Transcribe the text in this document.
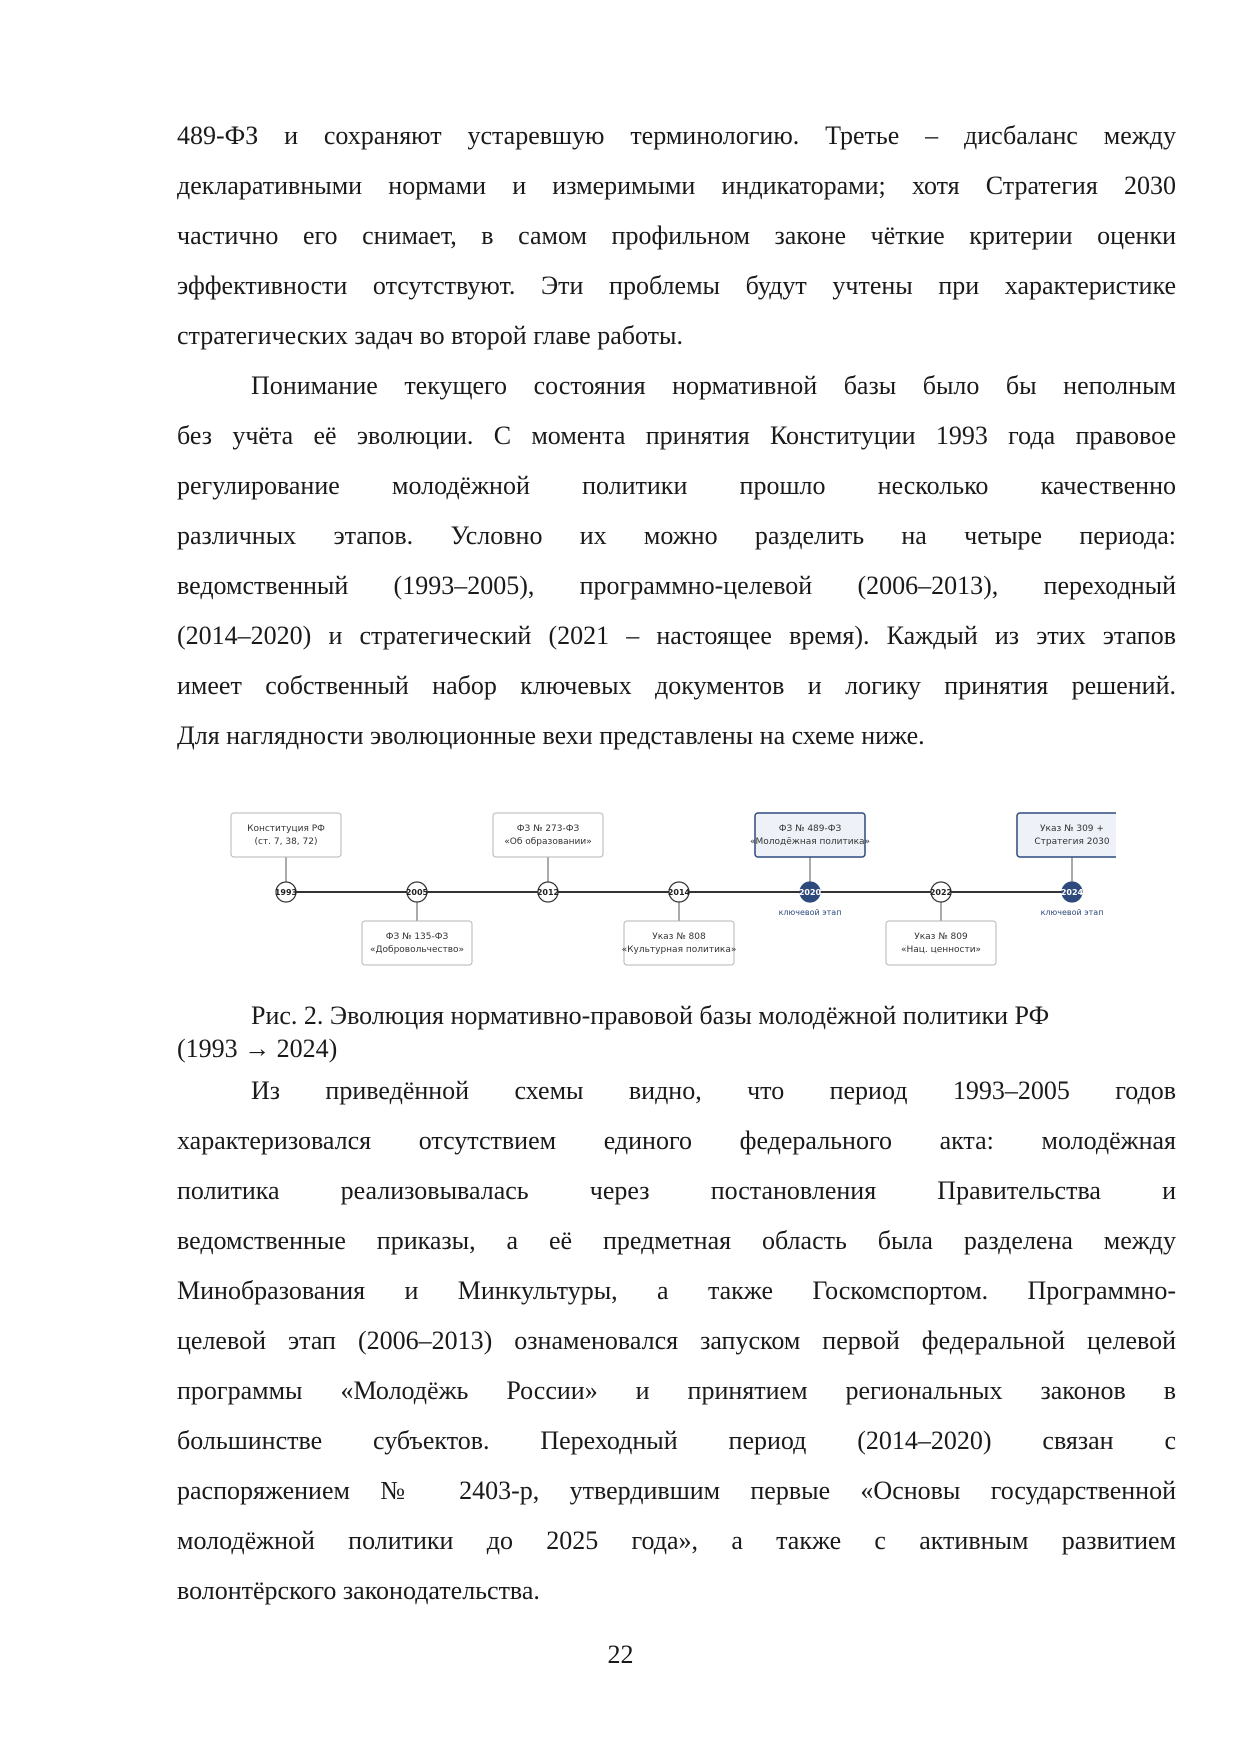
489-ФЗ и сохраняют устаревшую терминологию. Третье – дисбаланс между
декларативными нормами и измеримыми индикаторами; хотя Стратегия 2030
частично его снимает, в самом профильном законе чёткие критерии оценки
эффективности отсутствуют. Эти проблемы будут учтены при характеристике
стратегических задач во второй главе работы.
Понимание текущего состояния нормативной базы было бы неполным
без учёта её эволюции. С момента принятия Конституции 1993 года правовое
регулирование молодёжной политики прошло несколько качественно
различных этапов. Условно их можно разделить на четыре периода:
ведомственный (1993–2005), программно-целевой (2006–2013), переходный
(2014–2020) и стратегический (2021 – настоящее время). Каждый из этих этапов
имеет собственный набор ключевых документов и логику принятия решений.
Для наглядности эволюционные вехи представлены на схеме ниже.
Конституция РФ
(ст. 7, 38, 72)
1993
ФЗ № 135-ФЗ
«Добровольчество»
2005
ФЗ № 273-ФЗ
«Об образовании»
2012
Указ № 808
«Культурная политика»
2014
ФЗ № 489-ФЗ
«Молодёжная политика»
2020
ключевой этап
Указ № 809
«Нац. ценности»
2022
Указ № 309 +
Стратегия 2030
2024
ключевой этап
Рис. 2. Эволюция нормативно-правовой базы молодёжной политики РФ
(1993 → 2024)
Из приведённой схемы видно, что период 1993–2005 годов
характеризовался отсутствием единого федерального акта: молодёжная
политика реализовывалась через постановления Правительства и
ведомственные приказы, а её предметная область была разделена между
Минобразования и Минкультуры, а также Госкомспортом. Программно-
целевой этап (2006–2013) ознаменовался запуском первой федеральной целевой
программы «Молодёжь России» и принятием региональных законов в
большинстве субъектов. Переходный период (2014–2020) связан с
распоряжением № 2403-р, утвердившим первые «Основы государственной
молодёжной политики до 2025 года», а также с активным развитием
волонтёрского законодательства.
22
